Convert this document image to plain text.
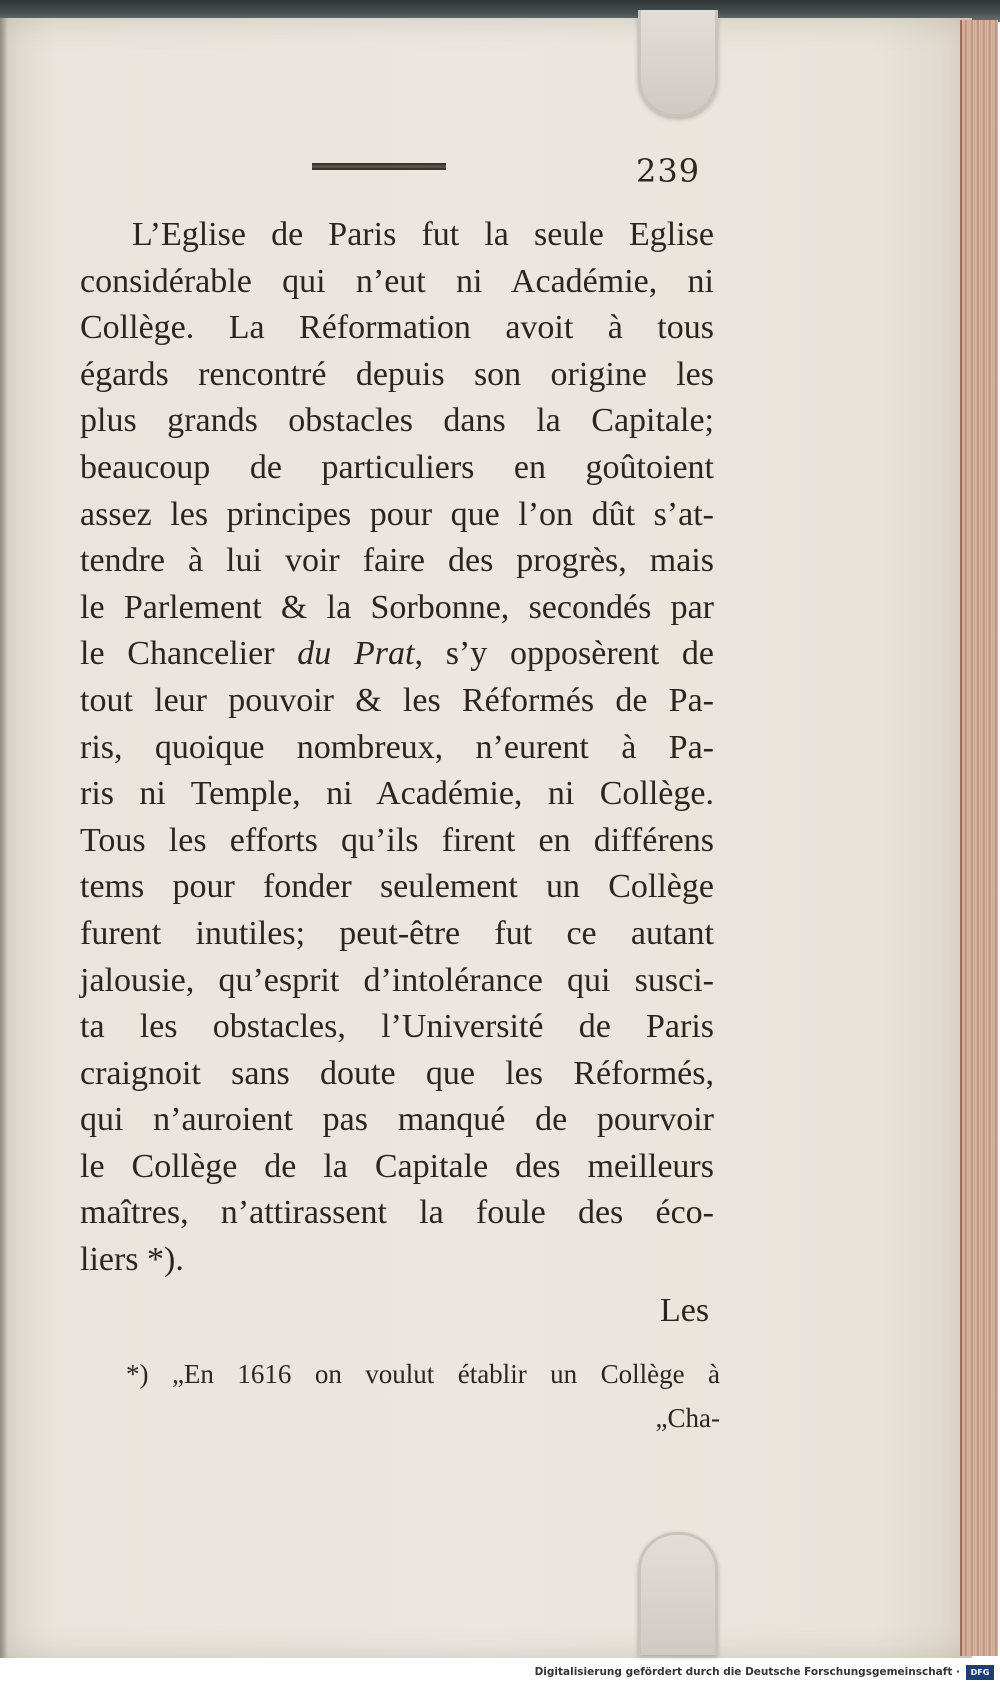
239
L’Eglise de Paris fut la seule Eglise
considérable qui n’eut ni Académie, ni
Collège. La Réformation avoit à tous
égards rencontré depuis son origine les
plus grands obstacles dans la Capitale;
beaucoup de particuliers en goûtoient
assez les principes pour que l’on dût s’at-
tendre à lui voir faire des progrès, mais
le Parlement & la Sorbonne, secondés par
le Chancelier du Prat, s’y opposèrent de
tout leur pouvoir & les Réformés de Pa-
ris, quoique nombreux, n’eurent à Pa-
ris ni Temple, ni Académie, ni Collège.
Tous les efforts qu’ils firent en différens
tems pour fonder seulement un Collège
furent inutiles; peut-être fut ce autant
jalousie, qu’esprit d’intolérance qui susci-
ta les obstacles, l’Université de Paris
craignoit sans doute que les Réformés,
qui n’auroient pas manqué de pourvoir
le Collège de la Capitale des meilleurs
maîtres, n’attirassent la foule des éco-
liers *).
Les
*) „En 1616 on voulut établir un Collège à
„Cha-
Digitalisierung gefördert durch die Deutsche Forschungsgemeinschaft ·	DFG
